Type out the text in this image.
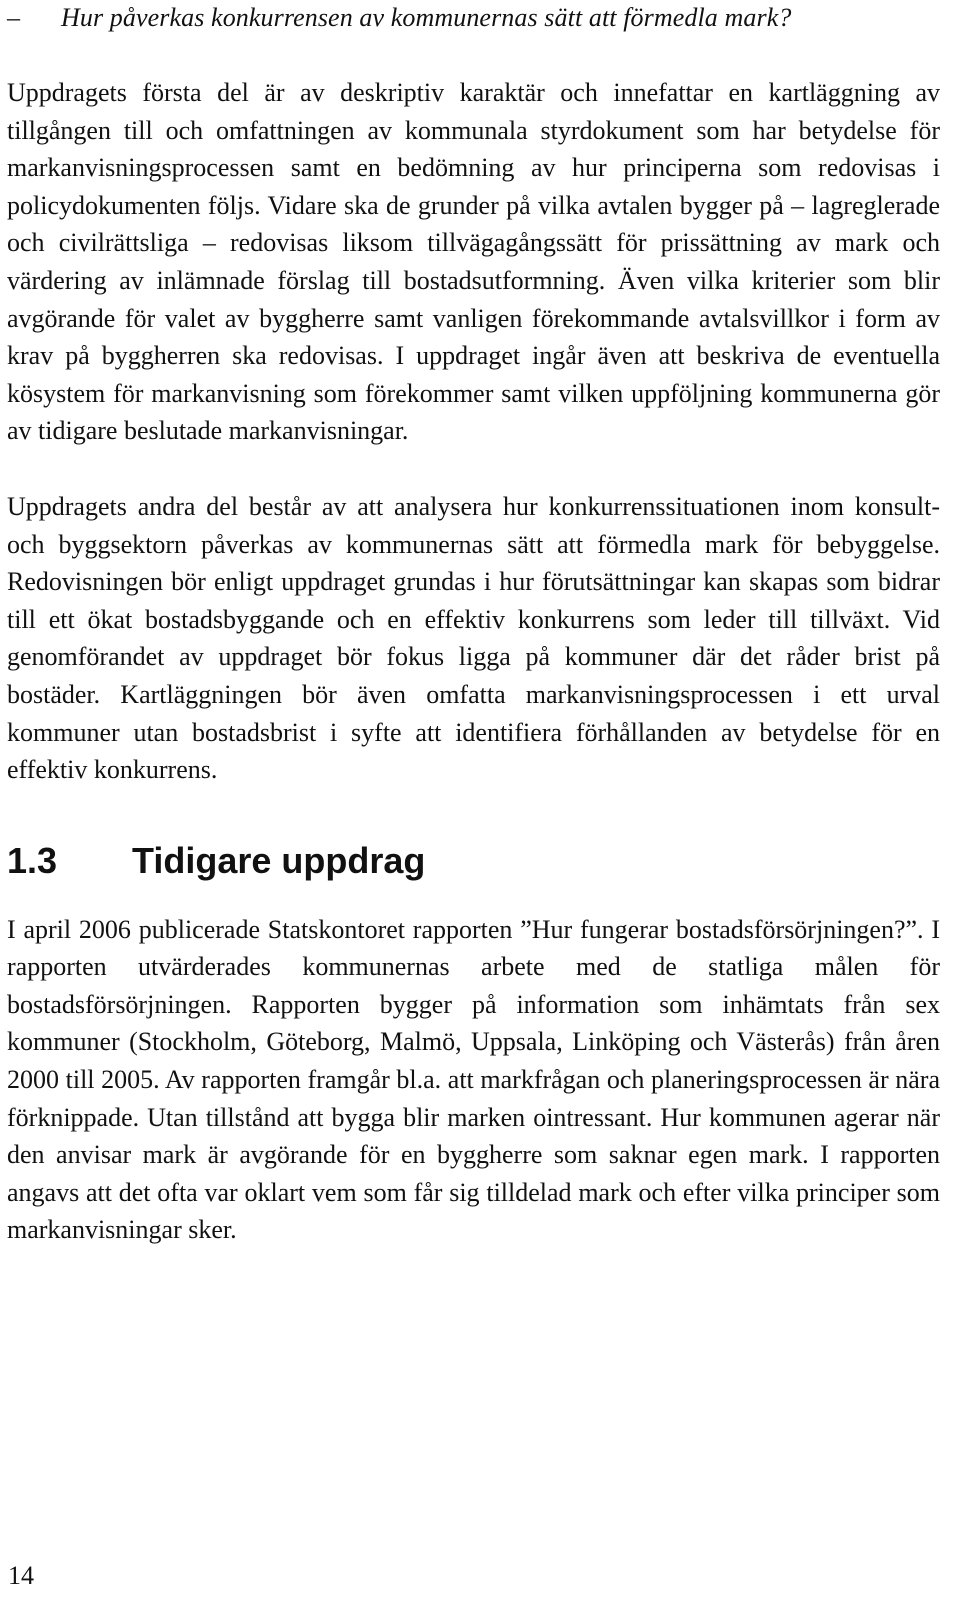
– Hur påverkas konkurrensen av kommunernas sätt att förmedla mark?

Uppdragets första del är av deskriptiv karaktär och innefattar en kartläggning av tillgången till och omfattningen av kommunala styrdokument som har betydelse för markanvisningsprocessen samt en bedömning av hur principerna som redovisas i policydokumenten följs. Vidare ska de grunder på vilka avtalen bygger på – lagreglerade och civilrättsliga – redovisas liksom tillvägagångssätt för prissättning av mark och värdering av inlämnade förslag till bostadsutformning. Även vilka kriterier som blir avgörande för valet av byggherre samt vanligen förekommande avtalsvillkor i form av krav på byggherren ska redovisas. I uppdraget ingår även att beskriva de eventuella kösystem för markanvisning som förekommer samt vilken uppföljning kommunerna gör av tidigare beslutade markanvisningar.

Uppdragets andra del består av att analysera hur konkurrenssituationen inom konsult- och byggsektorn påverkas av kommunernas sätt att förmedla mark för bebyggelse. Redovisningen bör enligt uppdraget grundas i hur förutsättningar kan skapas som bidrar till ett ökat bostadsbyggande och en effektiv konkurrens som leder till tillväxt. Vid genomförandet av uppdraget bör fokus ligga på kommuner där det råder brist på bostäder. Kartläggningen bör även omfatta markanvisningsprocessen i ett urval kommuner utan bostadsbrist i syfte att identifiera förhållanden av betydelse för en effektiv konkurrens.

1.3	Tidigare uppdrag

I april 2006 publicerade Statskontoret rapporten ”Hur fungerar bostadsförsörjningen?”. I rapporten utvärderades kommunernas arbete med de statliga målen för bostadsförsörjningen. Rapporten bygger på information som inhämtats från sex kommuner (Stockholm, Göteborg, Malmö, Uppsala, Linköping och Västerås) från åren 2000 till 2005. Av rapporten framgår bl.a. att markfrågan och planeringsprocessen är nära förknippade. Utan tillstånd att bygga blir marken ointressant. Hur kommunen agerar när den anvisar mark är avgörande för en byggherre som saknar egen mark. I rapporten angavs att det ofta var oklart vem som får sig tilldelad mark och efter vilka principer som markanvisningar sker.

14
